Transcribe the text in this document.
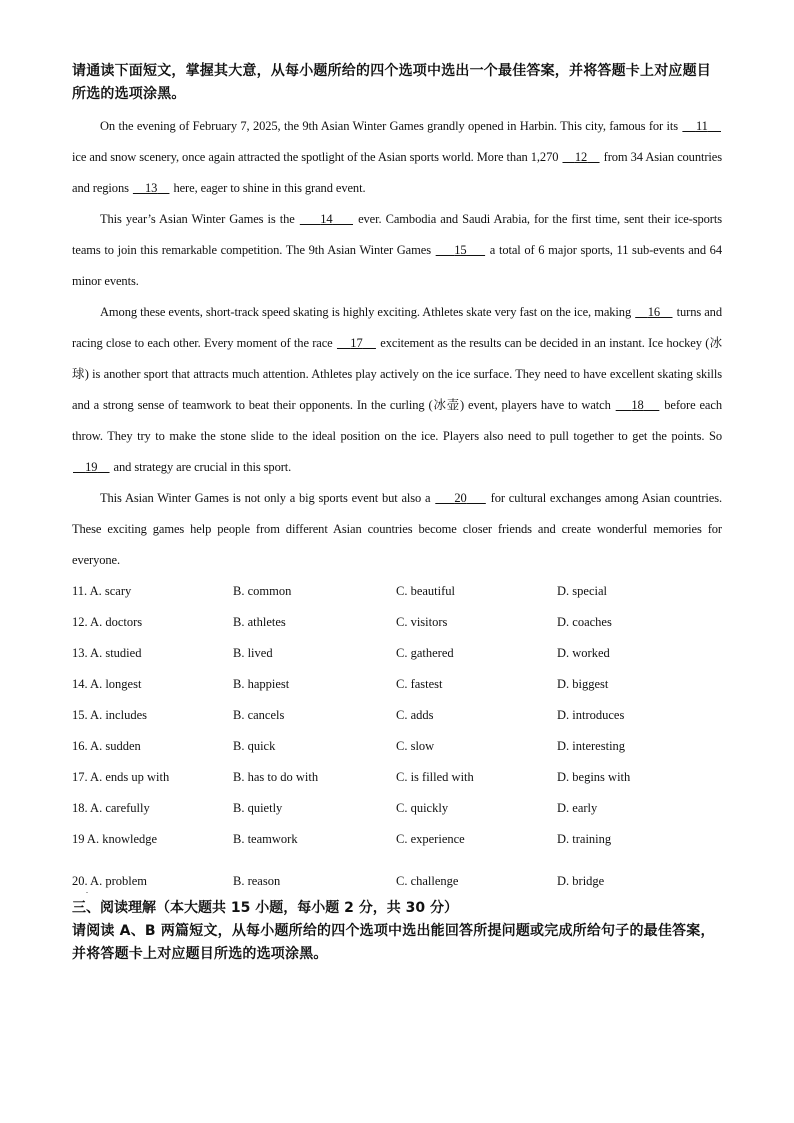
请通读下面短文，掌握其大意，从每小题所给的四个选项中选出一个最佳答案，并将答题卡上对应题目所选的选项涂黑。
On the evening of February 7, 2025, the 9th Asian Winter Games grandly opened in Harbin. This city, famous for its     11     ice and snow scenery, once again attracted the spotlight of the Asian sports world. More than 1,270     12     from 34 Asian countries and regions     13     here, eager to shine in this grand event.
This year’s Asian Winter Games is the      14      ever. Cambodia and Saudi Arabia, for the first time, sent their ice-sports teams to join this remarkable competition. The 9th Asian Winter Games      15      a total of 6 major sports, 11 sub-events and 64 minor events.
Among these events, short-track speed skating is highly exciting. Athletes skate very fast on the ice, making     16     turns and racing close to each other. Every moment of the race     17     excitement as the results can be decided in an instant. Ice hockey (冰球) is another sport that attracts much attention. Athletes play actively on the ice surface. They need to have excellent skating skills and a strong sense of teamwork to beat their opponents. In the curling (冰壶) event, players have to watch     18     before each throw. They try to make the stone slide to the ideal position on the ice. Players also need to pull together to get the points. So     19     and strategy are crucial in this sport.
This Asian Winter Games is not only a big sports event but also a      20      for cultural exchanges among Asian countries. These exciting games help people from different Asian countries become closer friends and create wonderful memories for everyone.
11. A. scary	B. common	C. beautiful	D. special
12. A. doctors	B. athletes	C. visitors	D. coaches
13. A. studied	B. lived	C. gathered	D. worked
14. A. longest	B. happiest	C. fastest	D. biggest
15. A. includes	B. cancels	C. adds	D. introduces
16. A. sudden	B. quick	C. slow	D. interesting
17. A. ends up with	B. has to do with	C. is filled with	D. begins with
18. A. carefully	B. quietly	C. quickly	D. early
19 A. knowledge	B. teamwork	C. experience	D. training
20. A. problem	B. reason	C. challenge	D. bridge
三、阅读理解（本大题共 15 小题，每小题 2 分，共 30 分）
请阅读 A、B 两篇短文，从每小题所给的四个选项中选出能回答所提问题或完成所给句子的最佳答案，并将答题卡上对应题目所选的选项涂黑。
.
